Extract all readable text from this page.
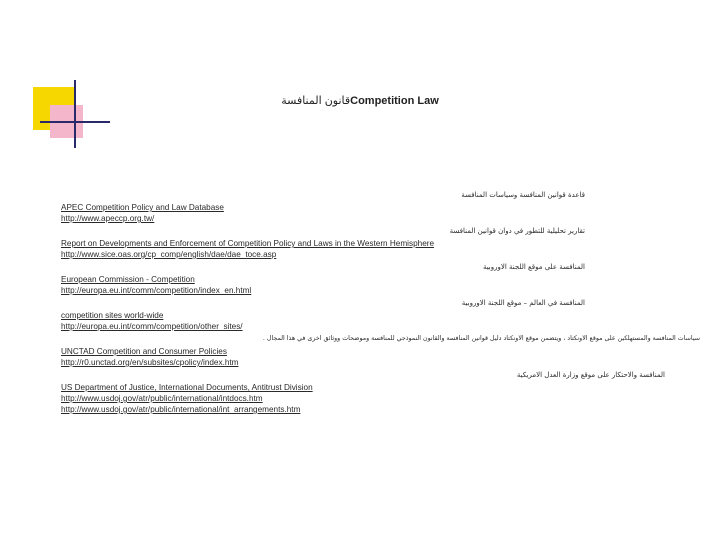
قانون المنافسةCompetition Law
قاعدة قوانين المنافسة وسياسات المنافسة
APEC Competition Policy and Law Database
http://www.apeccp.org.tw/
تقارير تحليلية للتطور في دوان قوانين المنافسة
Report on Developments and Enforcement of Competition Policy and Laws in the Western Hemisphere
http://www.sice.oas.org/cp_comp/english/dae/dae_toce.asp
المنافسة على موقع اللجنة الاوروبية
European Commission - Competition
http://europa.eu.int/comm/competition/index_en.html
المنافسة في العالم – موقع اللجنة الاوروبية
competition sites world-wide
http://europa.eu.int/comm/competition/other_sites/
سياسات المنافسة والمستهلكين على موقع الاونكتاد ، ويتضمن موقع الاونكتاد دليل قوانين المنافسة والقانون النموذجي للمنافسة وموضحات ووثائق اخرى في هذا المجال .
UNCTAD Competition and Consumer Policies
http://r0.unctad.org/en/subsites/cpolicy/index.htm
المنافسة والاحتكار على موقع وزارة العدل الامريكية
US Department of Justice, International Documents, Antitrust Division
http://www.usdoj.gov/atr/public/international/intdocs.htm
http://www.usdoj.gov/atr/public/international/int_arrangements.htm
